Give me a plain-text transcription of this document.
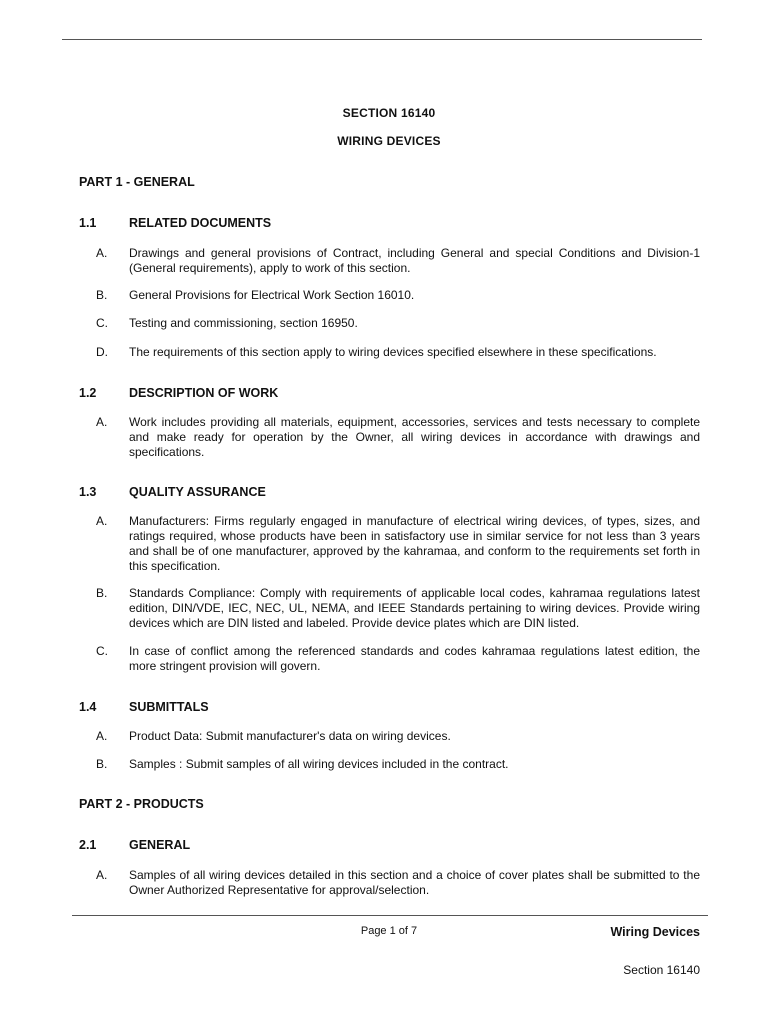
SECTION 16140
WIRING DEVICES
PART 1 - GENERAL
1.1	RELATED DOCUMENTS
A. Drawings and general provisions of Contract, including General and special Conditions and Division-1 (General requirements), apply to work of this section.
B. General Provisions for Electrical Work Section 16010.
C. Testing and commissioning, section 16950.
D. The requirements of this section apply to wiring devices specified elsewhere in these specifications.
1.2	DESCRIPTION OF WORK
A. Work includes providing all materials, equipment, accessories, services and tests necessary to complete and make ready for operation by the Owner, all wiring devices in accordance with drawings and specifications.
1.3	QUALITY ASSURANCE
A. Manufacturers: Firms regularly engaged in manufacture of electrical wiring devices, of types, sizes, and ratings required, whose products have been in satisfactory use in similar service for not less than 3 years and shall be of one manufacturer, approved by the kahramaa, and conform to the requirements set forth in this specification.
B. Standards Compliance: Comply with requirements of applicable local codes, kahramaa regulations latest edition, DIN/VDE, IEC, NEC, UL, NEMA, and IEEE Standards pertaining to wiring devices. Provide wiring devices which are DIN listed and labeled. Provide device plates which are DIN listed.
C. In case of conflict among the referenced standards and codes kahramaa regulations latest edition, the more stringent provision will govern.
1.4	SUBMITTALS
A. Product Data: Submit manufacturer's data on wiring devices.
B. Samples : Submit samples of all wiring devices included in the contract.
PART 2 - PRODUCTS
2.1	GENERAL
A. Samples of all wiring devices detailed in this section and a choice of cover plates shall be submitted to the Owner Authorized Representative for approval/selection.
Page 1 of 7	Wiring Devices
Section 16140
